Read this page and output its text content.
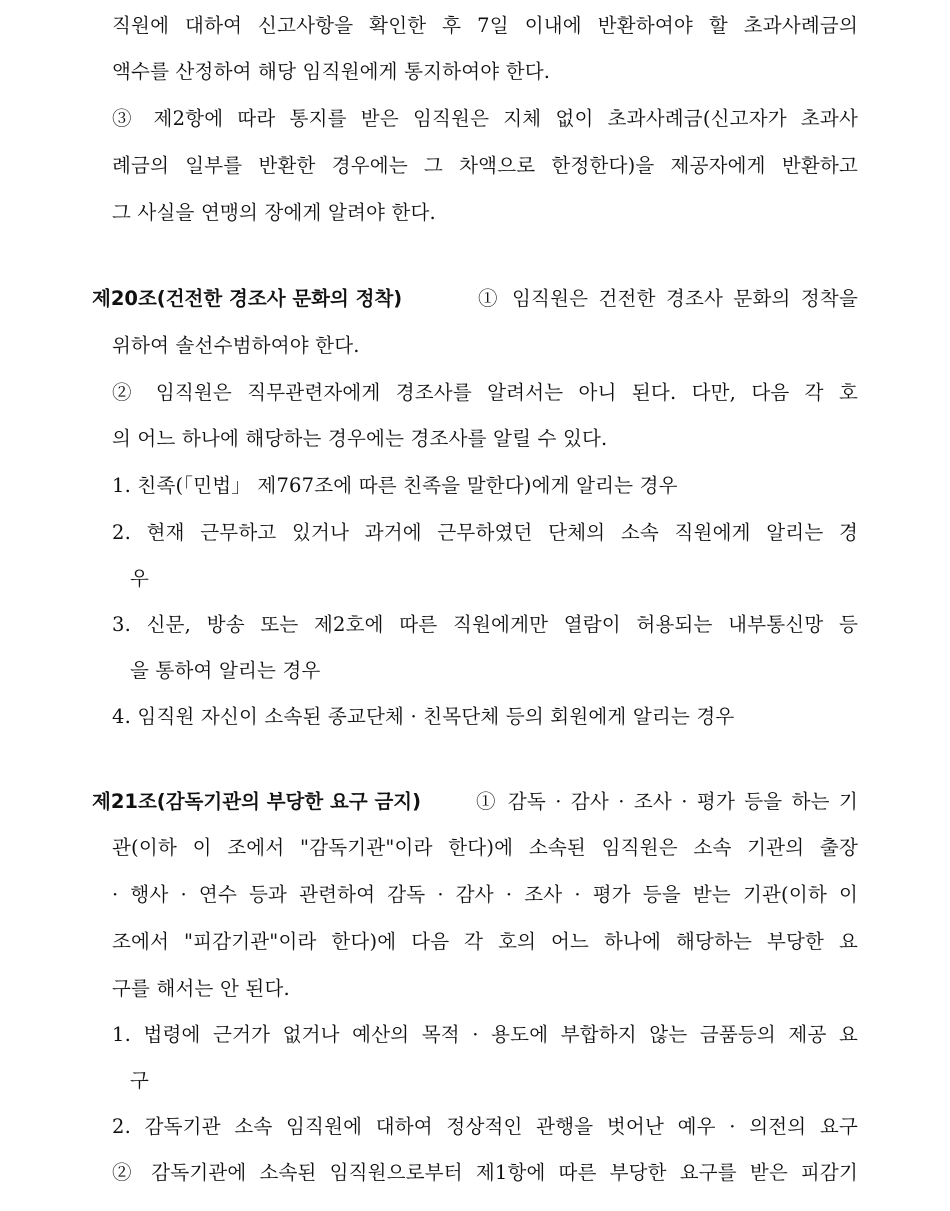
직원에 대하여 신고사항을 확인한 후 7일 이내에 반환하여야 할 초과사례금의
액수를 산정하여 해당 임직원에게 통지하여야 한다.
③ 제2항에 따라 통지를 받은 임직원은 지체 없이 초과사례금(신고자가 초과사
례금의 일부를 반환한 경우에는 그 차액으로 한정한다)을 제공자에게 반환하고
그 사실을 연맹의 장에게 알려야 한다.
제20조(건전한 경조사 문화의 정착)	① 임직원은 건전한 경조사 문화의 정착을
위하여 솔선수범하여야 한다.
② 임직원은 직무관련자에게 경조사를 알려서는 아니 된다. 다만, 다음 각 호
의 어느 하나에 해당하는 경우에는 경조사를 알릴 수 있다.
1. 친족(「민법」 제767조에 따른 친족을 말한다)에게 알리는 경우
2. 현재 근무하고 있거나 과거에 근무하였던 단체의 소속 직원에게 알리는 경
우
3. 신문, 방송 또는 제2호에 따른 직원에게만 열람이 허용되는 내부통신망 등
을 통하여 알리는 경우
4. 임직원 자신이 소속된 종교단체 · 친목단체 등의 회원에게 알리는 경우
제21조(감독기관의 부당한 요구 금지)	① 감독 · 감사 · 조사 · 평가 등을 하는 기
관(이하 이 조에서 "감독기관"이라 한다)에 소속된 임직원은 소속 기관의 출장
· 행사 · 연수 등과 관련하여 감독 · 감사 · 조사 · 평가 등을 받는 기관(이하 이
조에서 "피감기관"이라 한다)에 다음 각 호의 어느 하나에 해당하는 부당한 요
구를 해서는 안 된다.
1. 법령에 근거가 없거나 예산의 목적 · 용도에 부합하지 않는 금품등의 제공 요
구
2. 감독기관 소속 임직원에 대하여 정상적인 관행을 벗어난 예우 · 의전의 요구
② 감독기관에 소속된 임직원으로부터 제1항에 따른 부당한 요구를 받은 피감기
